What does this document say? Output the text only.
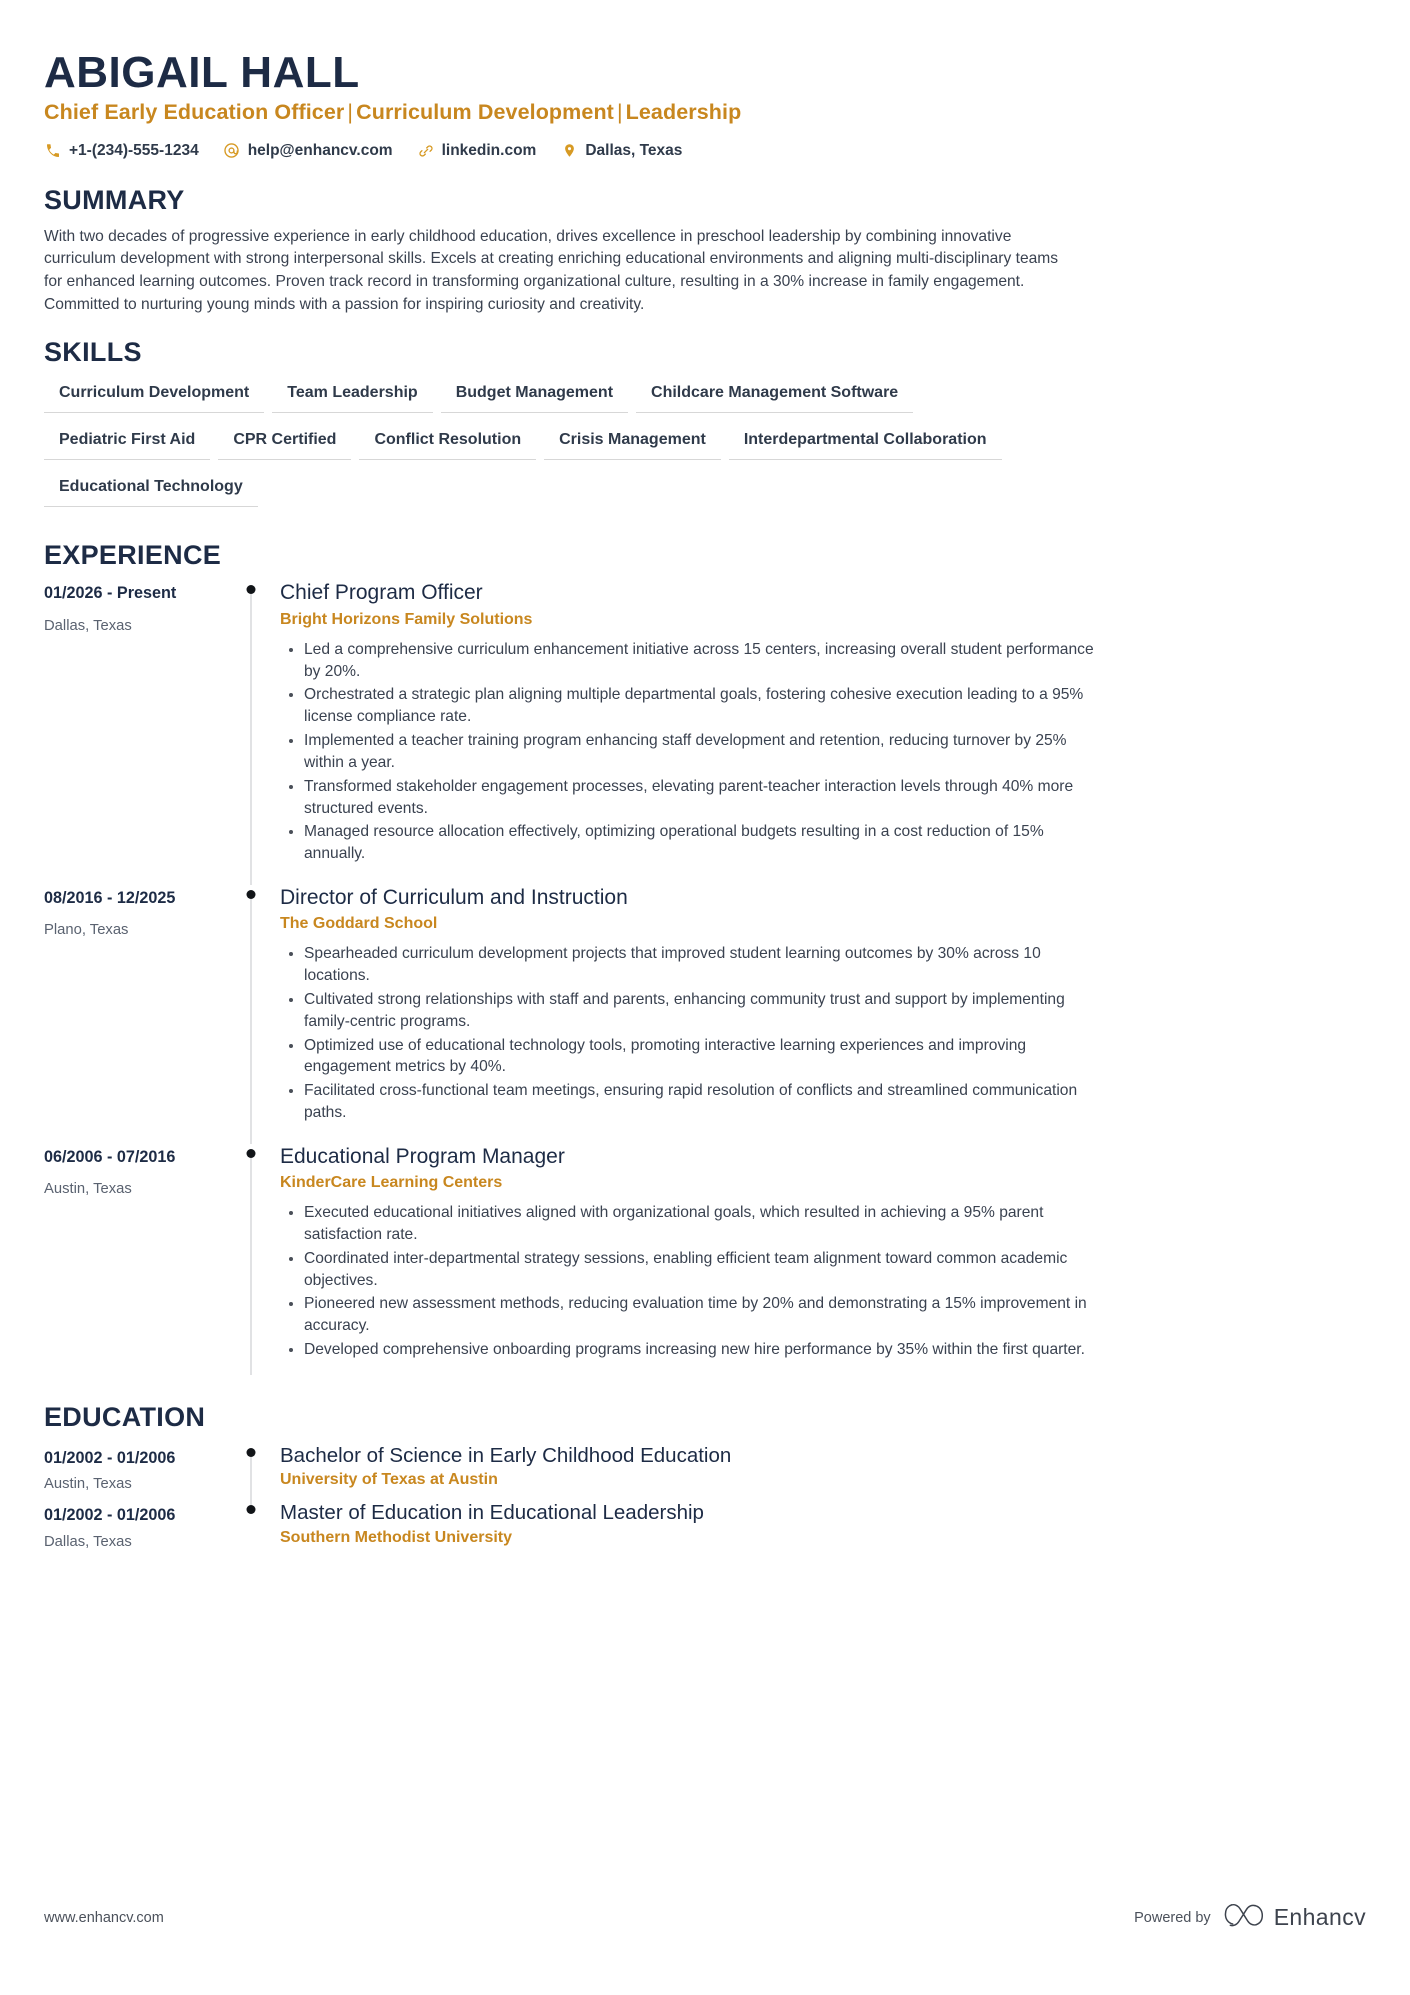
ABIGAIL HALL
Chief Early Education Officer | Curriculum Development | Leadership
+1-(234)-555-1234	help@enhancv.com	linkedin.com	Dallas, Texas
SUMMARY
With two decades of progressive experience in early childhood education, drives excellence in preschool leadership by combining innovative curriculum development with strong interpersonal skills. Excels at creating enriching educational environments and aligning multi-disciplinary teams for enhanced learning outcomes. Proven track record in transforming organizational culture, resulting in a 30% increase in family engagement. Committed to nurturing young minds with a passion for inspiring curiosity and creativity.
SKILLS
Curriculum Development	Team Leadership	Budget Management	Childcare Management Software
Pediatric First Aid	CPR Certified	Conflict Resolution	Crisis Management	Interdepartmental Collaboration
Educational Technology
EXPERIENCE
01/2026 - Present
Dallas, Texas
Chief Program Officer
Bright Horizons Family Solutions
Led a comprehensive curriculum enhancement initiative across 15 centers, increasing overall student performance by 20%.
Orchestrated a strategic plan aligning multiple departmental goals, fostering cohesive execution leading to a 95% license compliance rate.
Implemented a teacher training program enhancing staff development and retention, reducing turnover by 25% within a year.
Transformed stakeholder engagement processes, elevating parent-teacher interaction levels through 40% more structured events.
Managed resource allocation effectively, optimizing operational budgets resulting in a cost reduction of 15% annually.
08/2016 - 12/2025
Plano, Texas
Director of Curriculum and Instruction
The Goddard School
Spearheaded curriculum development projects that improved student learning outcomes by 30% across 10 locations.
Cultivated strong relationships with staff and parents, enhancing community trust and support by implementing family-centric programs.
Optimized use of educational technology tools, promoting interactive learning experiences and improving engagement metrics by 40%.
Facilitated cross-functional team meetings, ensuring rapid resolution of conflicts and streamlined communication paths.
06/2006 - 07/2016
Austin, Texas
Educational Program Manager
KinderCare Learning Centers
Executed educational initiatives aligned with organizational goals, which resulted in achieving a 95% parent satisfaction rate.
Coordinated inter-departmental strategy sessions, enabling efficient team alignment toward common academic objectives.
Pioneered new assessment methods, reducing evaluation time by 20% and demonstrating a 15% improvement in accuracy.
Developed comprehensive onboarding programs increasing new hire performance by 35% within the first quarter.
EDUCATION
01/2002 - 01/2006
Austin, Texas
Bachelor of Science in Early Childhood Education
University of Texas at Austin
01/2002 - 01/2006
Dallas, Texas
Master of Education in Educational Leadership
Southern Methodist University
www.enhancv.com	Powered by	Enhancv
